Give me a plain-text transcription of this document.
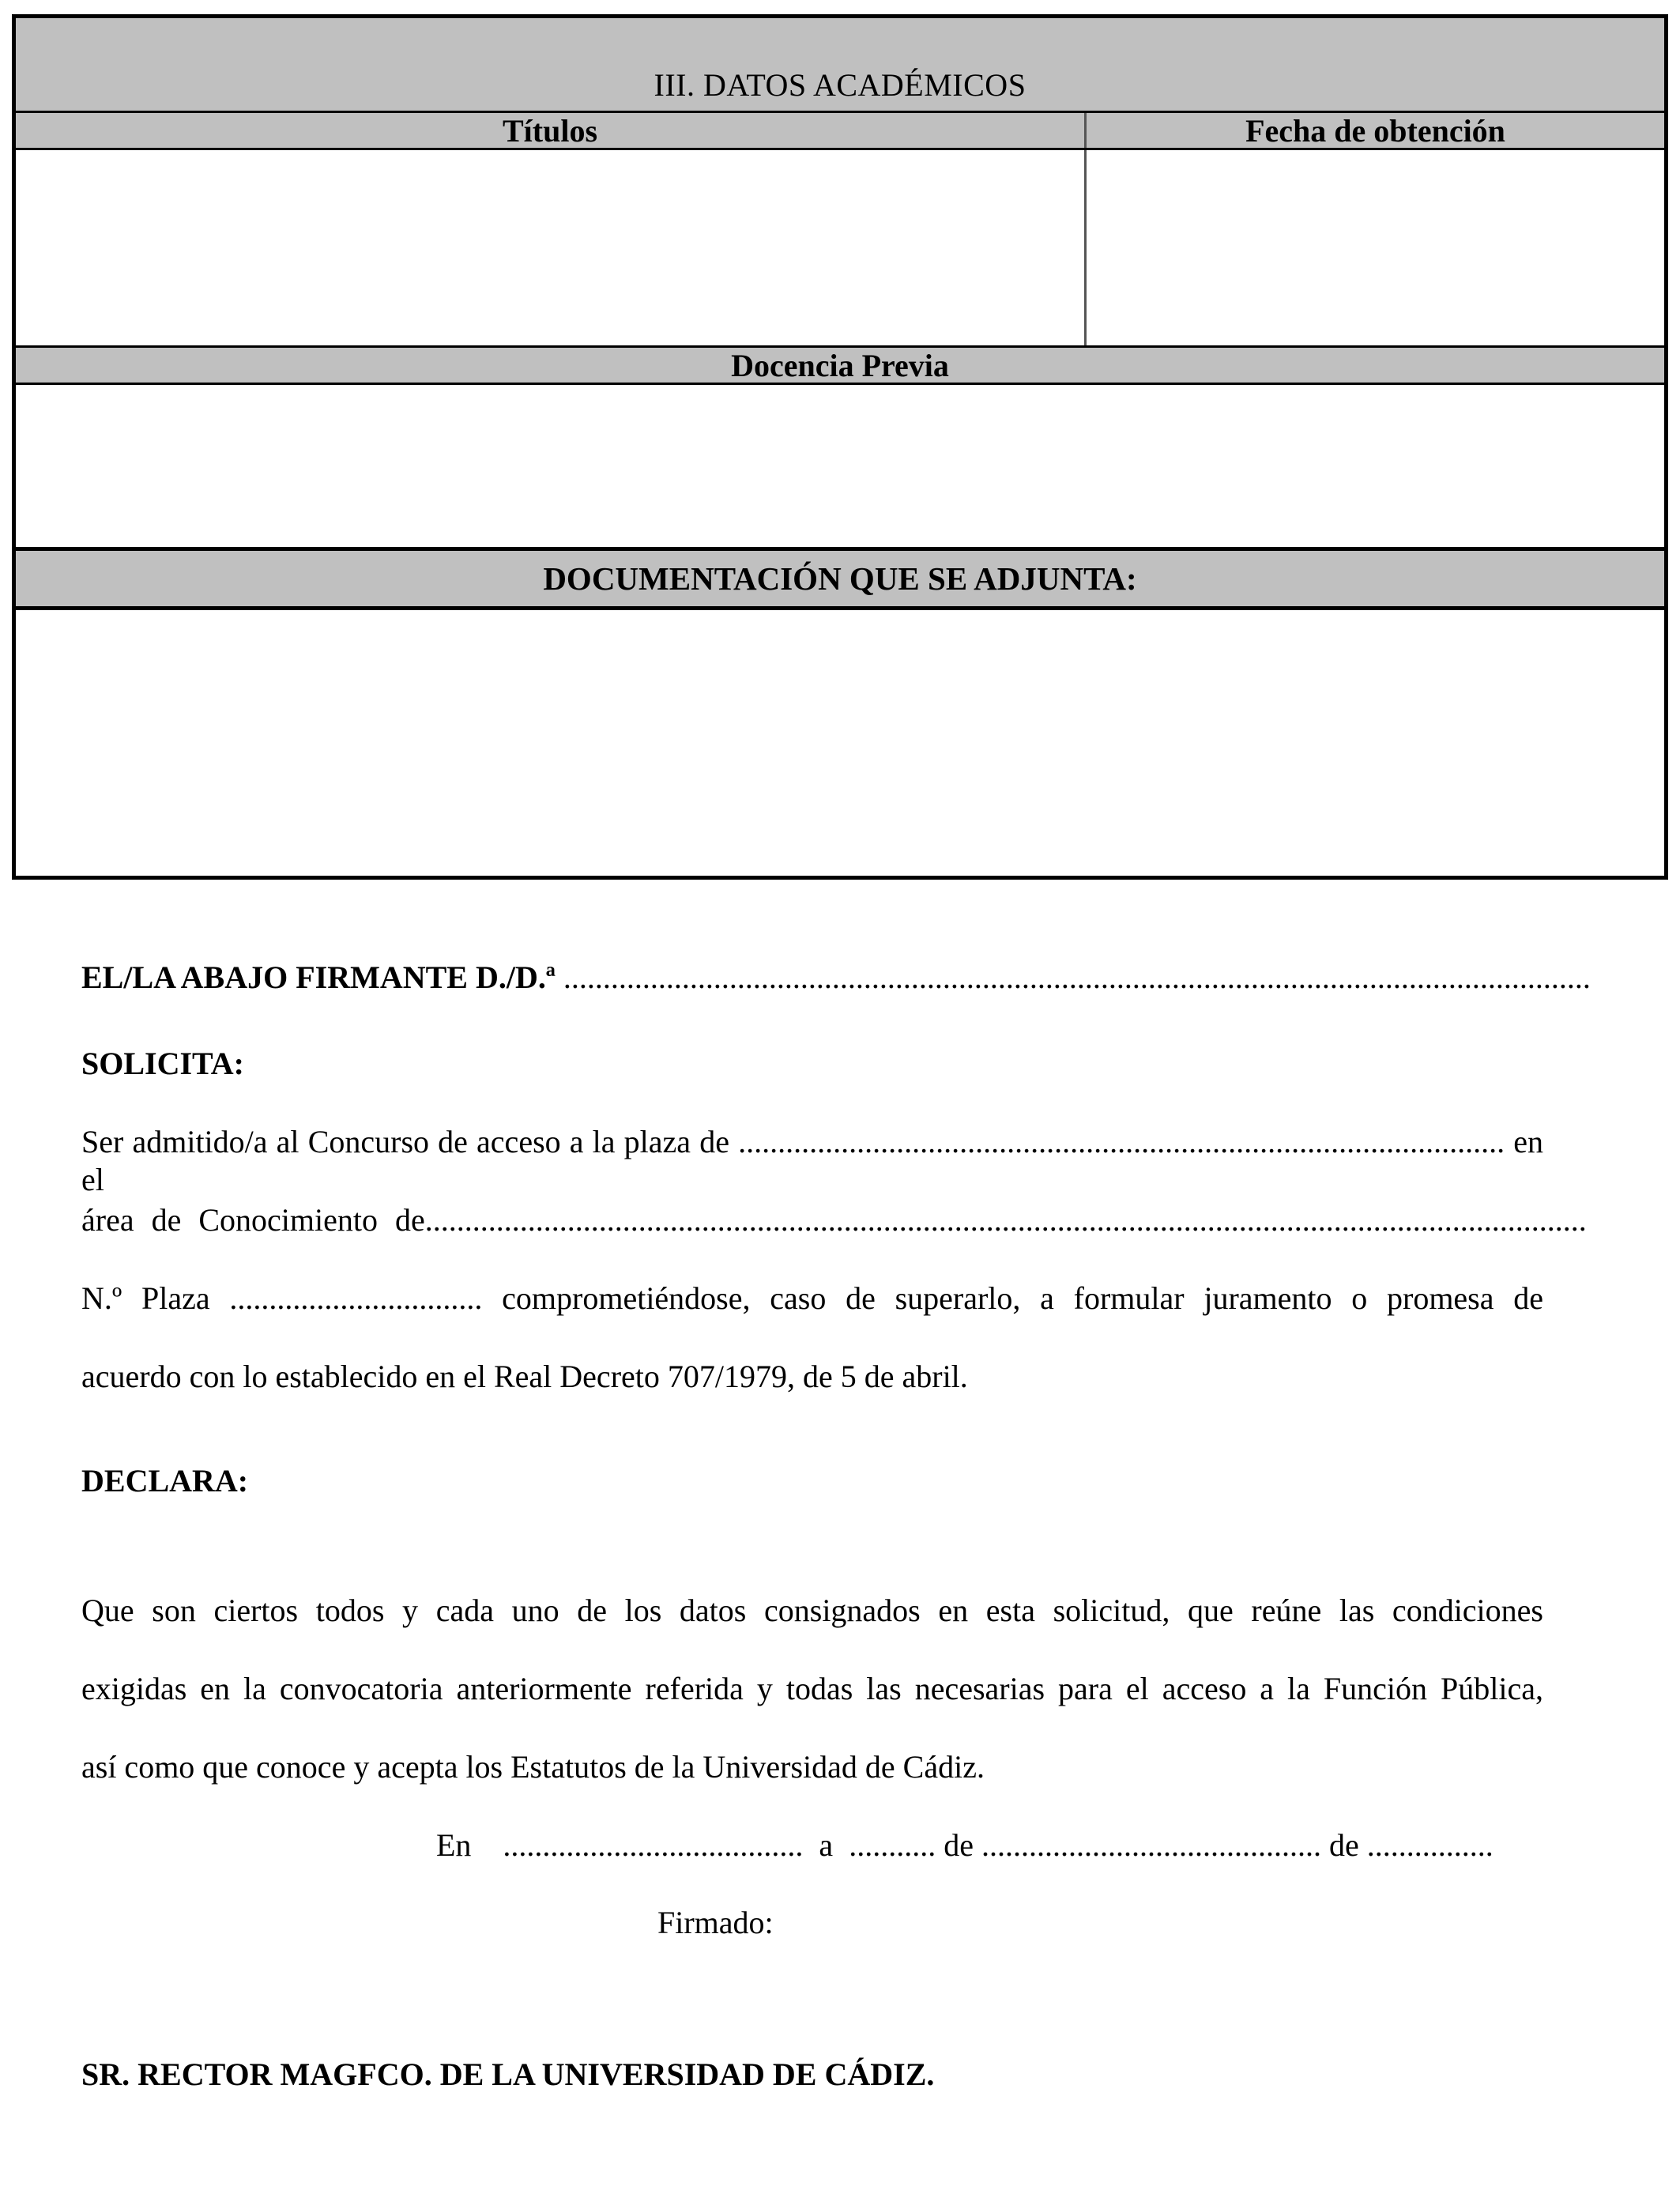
III. DATOS ACADÉMICOS
Títulos	Fecha de obtención
Docencia Previa
DOCUMENTACIÓN QUE SE ADJUNTA:
EL/LA ABAJO FIRMANTE D./D.ª ..................................................................................................................................
SOLICITA:
Ser admitido/a al Concurso de acceso a la plaza de ................................................................................................. en el
área de Conocimiento de ...................................................................................................................................................
N.º Plaza ................................ comprometiéndose, caso de superarlo, a formular juramento o promesa de
acuerdo con lo establecido en el Real Decreto 707/1979, de 5 de abril.
DECLARA:
Que son ciertos todos y cada uno de los datos consignados en esta solicitud, que reúne las condiciones
exigidas en la convocatoria anteriormente referida y todas las necesarias para el acceso a la Función Pública,
así como que conoce y acepta los Estatutos de la Universidad de Cádiz.
En    ......................................  a  ........... de ........................................... de ................
Firmado:
SR. RECTOR MAGFCO. DE LA UNIVERSIDAD DE CÁDIZ.
